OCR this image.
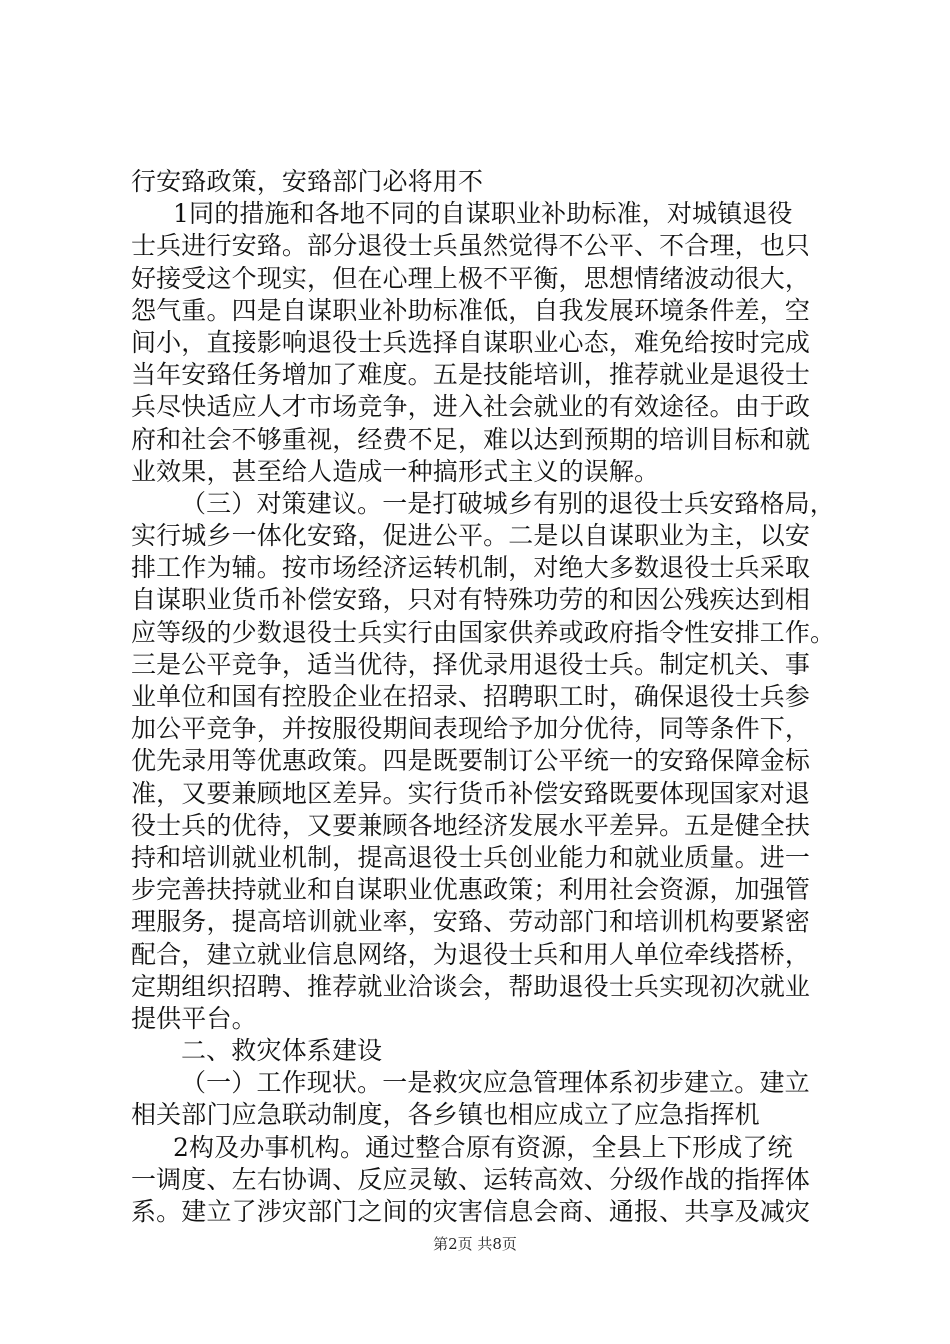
行安臵政策，安臵部门必将用不
1同的措施和各地不同的自谋职业补助标准，对城镇退役
士兵进行安臵。部分退役士兵虽然觉得不公平、不合理，也只
好接受这个现实，但在心理上极不平衡，思想情绪波动很大，
怨气重。四是自谋职业补助标准低，自我发展环境条件差，空
间小，直接影响退役士兵选择自谋职业心态，难免给按时完成
当年安臵任务增加了难度。五是技能培训，推荐就业是退役士
兵尽快适应人才市场竞争，进入社会就业的有效途径。由于政
府和社会不够重视，经费不足，难以达到预期的培训目标和就
业效果，甚至给人造成一种搞形式主义的误解。
（三）对策建议。一是打破城乡有别的退役士兵安臵格局，
实行城乡一体化安臵，促进公平。二是以自谋职业为主，以安
排工作为辅。按市场经济运转机制，对绝大多数退役士兵采取
自谋职业货币补偿安臵，只对有特殊功劳的和因公残疾达到相
应等级的少数退役士兵实行由国家供养或政府指令性安排工作。
三是公平竞争，适当优待，择优录用退役士兵。制定机关、事
业单位和国有控股企业在招录、招聘职工时，确保退役士兵参
加公平竞争，并按服役期间表现给予加分优待，同等条件下，
优先录用等优惠政策。四是既要制订公平统一的安臵保障金标
准，又要兼顾地区差异。实行货币补偿安臵既要体现国家对退
役士兵的优待，又要兼顾各地经济发展水平差异。五是健全扶
持和培训就业机制，提高退役士兵创业能力和就业质量。进一
步完善扶持就业和自谋职业优惠政策；利用社会资源，加强管
理服务，提高培训就业率，安臵、劳动部门和培训机构要紧密
配合，建立就业信息网络，为退役士兵和用人单位牵线搭桥，
定期组织招聘、推荐就业洽谈会，帮助退役士兵实现初次就业
提供平台。
二、救灾体系建设
（一）工作现状。一是救灾应急管理体系初步建立。建立
相关部门应急联动制度，各乡镇也相应成立了应急指挥机
2构及办事机构。通过整合原有资源，全县上下形成了统
一调度、左右协调、反应灵敏、运转高效、分级作战的指挥体
系。建立了涉灾部门之间的灾害信息会商、通报、共享及减灾
第2页 共8页
